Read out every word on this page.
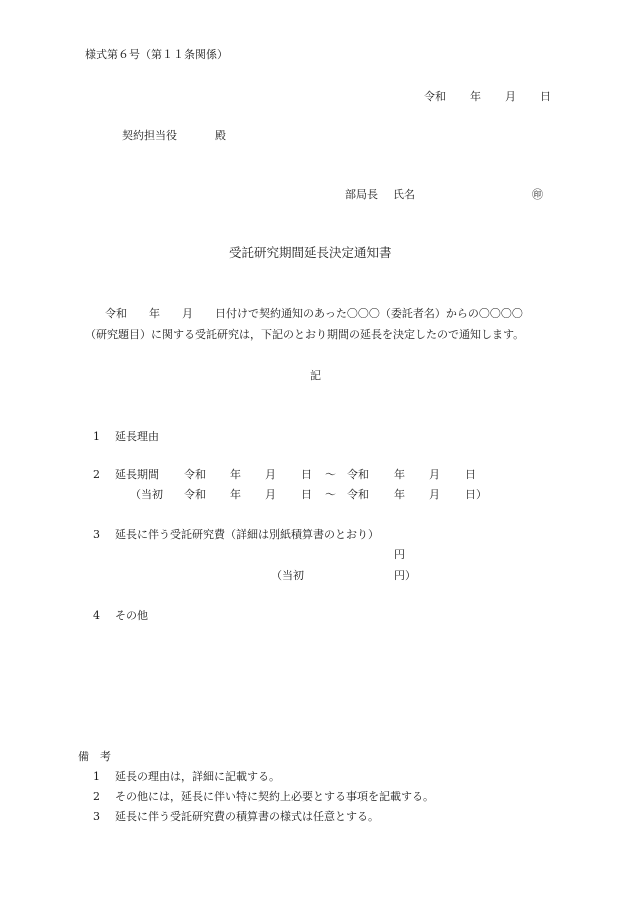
様式第６号（第１１条関係）
令和 年 月 日
契約担当役	殿
部局長 氏名	㊞
受託研究期間延長決定通知書
令和　　年　　月　　日付けで契約通知のあった〇〇〇（委託者名）からの〇〇〇〇
（研究題目）に関する受託研究は，下記のとおり期間の延長を決定したので通知します。
記
1 延長理由
2 延長期間 令和 年 月 日 ～ 令和 年 月 日
（当初 令和 年 月 日 ～ 令和 年 月 日）
3 延長に伴う受託研究費（詳細は別紙積算書のとおり）
円
（当初	円）
4 その他
備　考
1 延長の理由は，詳細に記載する。
2 その他には，延長に伴い特に契約上必要とする事項を記載する。
3 延長に伴う受託研究費の積算書の様式は任意とする。
